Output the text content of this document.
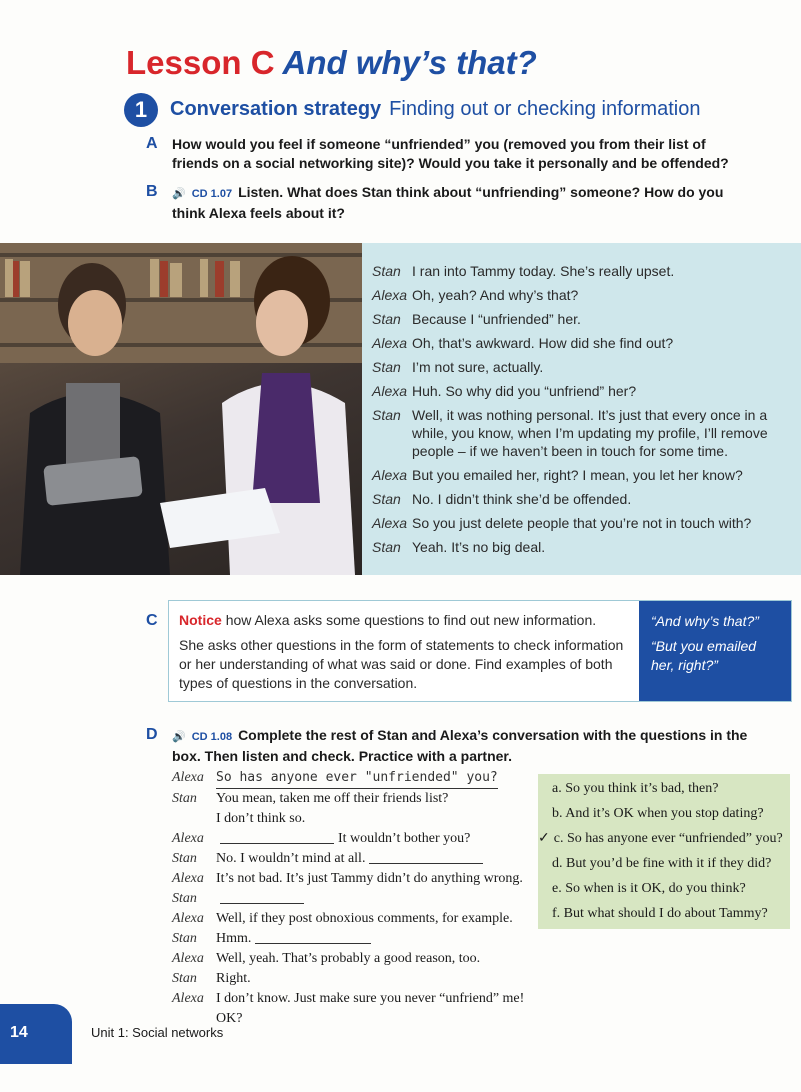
Lesson C And why’s that?
1	Conversation strategy Finding out or checking information
A How would you feel if someone “unfriended” you (removed you from their list of friends on a social networking site)? Would you take it personally and be offended?
B 🔊 CD 1.07 Listen. What does Stan think about “unfriending” someone? How do you think Alexa feels about it?
Stan I ran into Tammy today. She’s really upset.
Alexa Oh, yeah? And why’s that?
Stan Because I “unfriended” her.
Alexa Oh, that’s awkward. How did she find out?
Stan I’m not sure, actually.
Alexa Huh. So why did you “unfriend” her?
Stan Well, it was nothing personal. It’s just that every once in a while, you know, when I’m updating my profile, I’ll remove people – if we haven’t been in touch for some time.
Alexa But you emailed her, right? I mean, you let her know?
Stan No. I didn’t think she’d be offended.
Alexa So you just delete people that you’re not in touch with?
Stan Yeah. It’s no big deal.
C Notice how Alexa asks some questions to find out new information.
She asks other questions in the form of statements to check information or her understanding of what was said or done. Find examples of both types of questions in the conversation.
“And why’s that?”
“But you emailed her, right?”
D 🔊 CD 1.08 Complete the rest of Stan and Alexa’s conversation with the questions in the box. Then listen and check. Practice with a partner.
Alexa So has anyone ever "unfriended" you?
Stan	You mean, taken me off their friends list?
I don’t think so.
Alexa	It wouldn’t bother you?
Stan	No. I wouldn’t mind at all.
Alexa It’s not bad. It’s just Tammy didn’t do anything wrong.
Stan
Alexa Well, if they post obnoxious comments, for example.
Stan	Hmm.
Alexa Well, yeah. That’s probably a good reason, too.
Stan	Right.
Alexa I don’t know. Just make sure you never “unfriend” me! OK?
a. So you think it’s bad, then?
b. And it’s OK when you stop dating?
✓ c. So has anyone ever “unfriended” you?
d. But you’d be fine with it if they did?
e. So when is it OK, do you think?
f. But what should I do about Tammy?
14	Unit 1: Social networks
